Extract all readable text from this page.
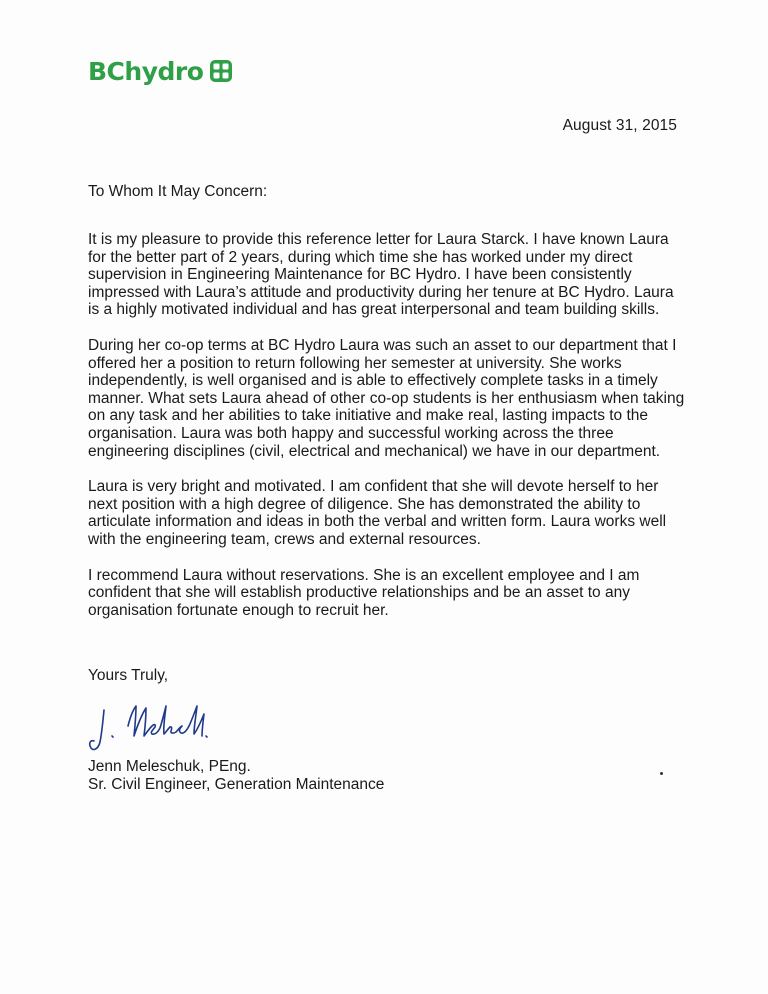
BChydro
August 31, 2015
To Whom It May Concern:

It is my pleasure to provide this reference letter for Laura Starck. I have known Laura for the better part of 2 years, during which time she has worked under my direct supervision in Engineering Maintenance for BC Hydro. I have been consistently impressed with Laura’s attitude and productivity during her tenure at BC Hydro. Laura is a highly motivated individual and has great interpersonal and team building skills.

During her co-op terms at BC Hydro Laura was such an asset to our department that I offered her a position to return following her semester at university. She works independently, is well organised and is able to effectively complete tasks in a timely manner. What sets Laura ahead of other co-op students is her enthusiasm when taking on any task and her abilities to take initiative and make real, lasting impacts to the organisation. Laura was both happy and successful working across the three engineering disciplines (civil, electrical and mechanical) we have in our department.

Laura is very bright and motivated. I am confident that she will devote herself to her next position with a high degree of diligence. She has demonstrated the ability to articulate information and ideas in both the verbal and written form. Laura works well with the engineering team, crews and external resources.

I recommend Laura without reservations. She is an excellent employee and I am confident that she will establish productive relationships and be an asset to any organisation fortunate enough to recruit her.

Yours Truly,
Jenn Meleschuk, PEng.
Sr. Civil Engineer, Generation Maintenance
